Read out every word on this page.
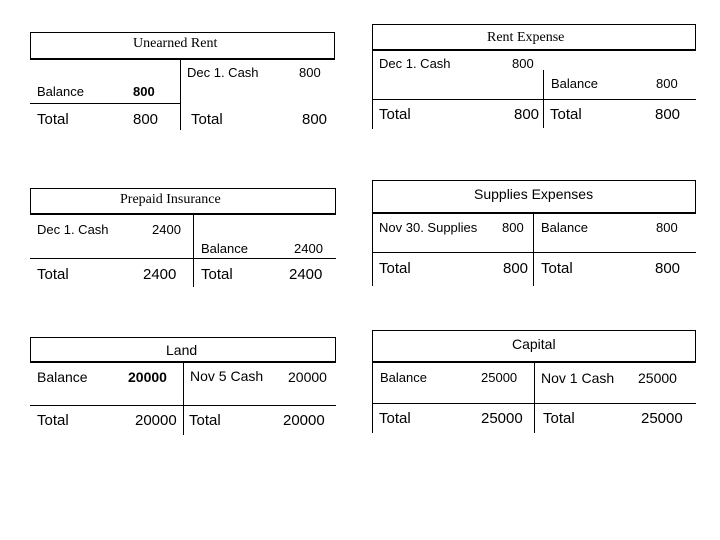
Unearned Rent
Dec 1. Cash	800
Balance	800
Total	800 Total	800
Rent Expense
Dec 1. Cash	800
Balance	800
Total	800 Total	800
Prepaid Insurance
Dec 1. Cash	2400
Balance	2400
Total	2400 Total	2400
Supplies Expenses
Nov 30. Supplies 800 Balance	800
Total	800 Total	800
Land
Balance	20000 Nov 5 Cash 20000
Total	20000 Total	20000
Capital
Balance	25000 Nov 1 Cash 25000
Total	25000 Total	25000
